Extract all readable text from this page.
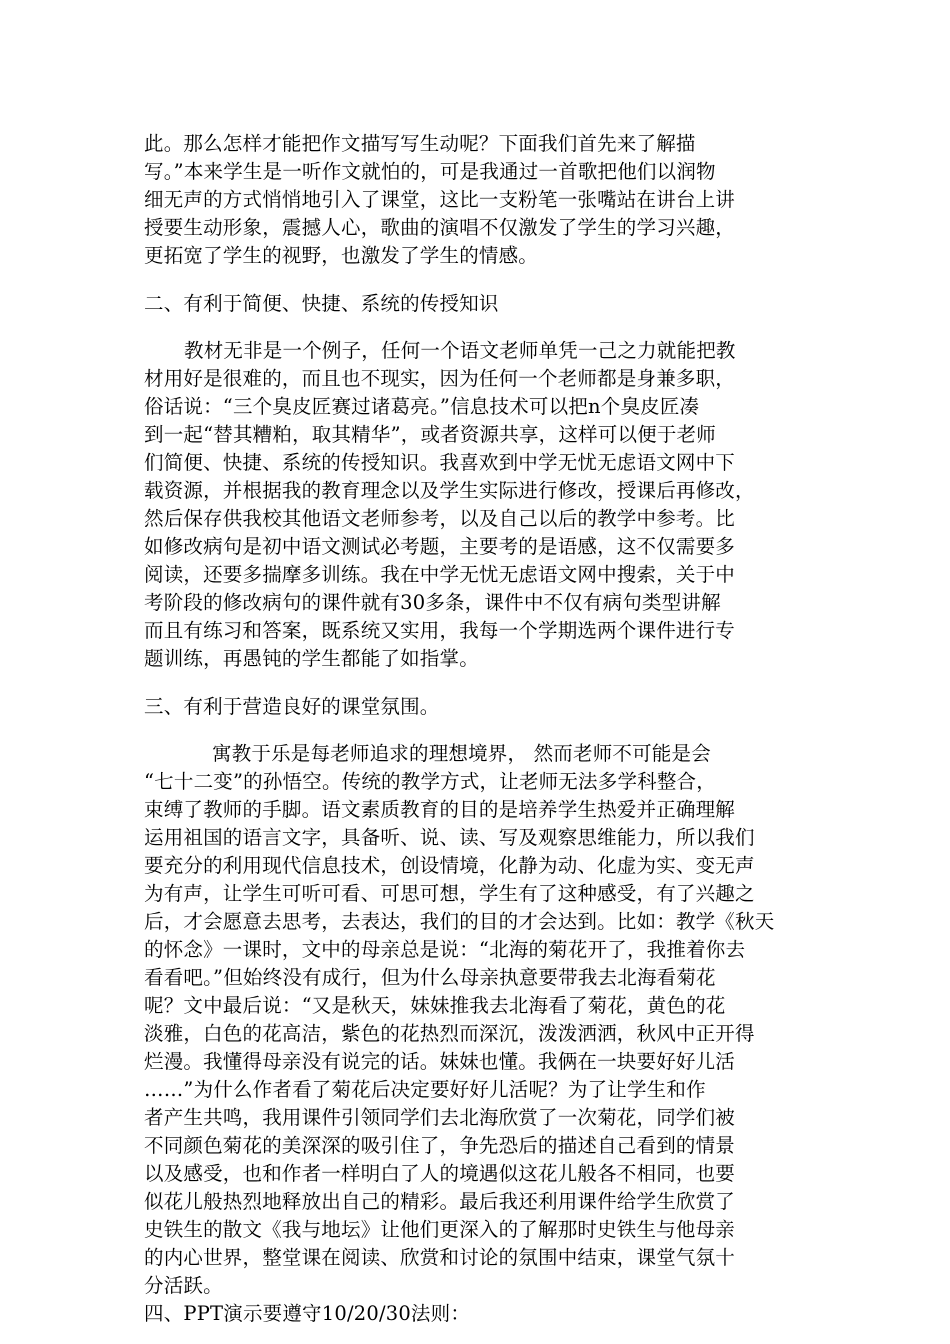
此。那么怎样才能把作文描写写生动呢？下面我们首先来了解描
写。”本来学生是一听作文就怕的，可是我通过一首歌把他们以润物
细无声的方式悄悄地引入了课堂，这比一支粉笔一张嘴站在讲台上讲
授要生动形象，震撼人心，歌曲的演唱不仅激发了学生的学习兴趣，
更拓宽了学生的视野，也激发了学生的情感。
二、有利于简便、快捷、系统的传授知识
教材无非是一个例子，任何一个语文老师单凭一己之力就能把教
材用好是很难的，而且也不现实，因为任何一个老师都是身兼多职，
俗话说：“三个臭皮匠赛过诸葛亮。”信息技术可以把n个臭皮匠凑
到一起“替其糟粕，取其精华”，或者资源共享，这样可以便于老师
们简便、快捷、系统的传授知识。我喜欢到中学无忧无虑语文网中下
载资源，并根据我的教育理念以及学生实际进行修改，授课后再修改，
然后保存供我校其他语文老师参考，以及自己以后的教学中参考。比
如修改病句是初中语文测试必考题，主要考的是语感，这不仅需要多
阅读，还要多揣摩多训练。我在中学无忧无虑语文网中搜索，关于中
考阶段的修改病句的课件就有30多条，课件中不仅有病句类型讲解
而且有练习和答案，既系统又实用，我每一个学期选两个课件进行专
题训练，再愚钝的学生都能了如指掌。
三、有利于营造良好的课堂氛围。
寓教于乐是每老师追求的理想境界， 然而老师不可能是会
“七十二变”的孙悟空。传统的教学方式，让老师无法多学科整合，
束缚了教师的手脚。语文素质教育的目的是培养学生热爱并正确理解
运用祖国的语言文字，具备听、说、读、写及观察思维能力，所以我们
要充分的利用现代信息技术，创设情境，化静为动、化虚为实、变无声
为有声，让学生可听可看、可思可想，学生有了这种感受，有了兴趣之
后，才会愿意去思考，去表达，我们的目的才会达到。比如：教学《秋天
的怀念》一课时，文中的母亲总是说：“北海的菊花开了，我推着你去
看看吧。”但始终没有成行，但为什么母亲执意要带我去北海看菊花
呢？文中最后说：“又是秋天，妹妹推我去北海看了菊花，黄色的花
淡雅，白色的花高洁，紫色的花热烈而深沉，泼泼洒洒，秋风中正开得
烂漫。我懂得母亲没有说完的话。妹妹也懂。我俩在一块要好好儿活
……”为什么作者看了菊花后决定要好好儿活呢？为了让学生和作
者产生共鸣，我用课件引领同学们去北海欣赏了一次菊花，同学们被
不同颜色菊花的美深深的吸引住了，争先恐后的描述自己看到的情景
以及感受，也和作者一样明白了人的境遇似这花儿般各不相同，也要
似花儿般热烈地释放出自己的精彩。最后我还利用课件给学生欣赏了
史铁生的散文《我与地坛》让他们更深入的了解那时史铁生与他母亲
的内心世界，整堂课在阅读、欣赏和讨论的氛围中结束，课堂气氛十
分活跃。
四、PPT演示要遵守10/20/30法则：
